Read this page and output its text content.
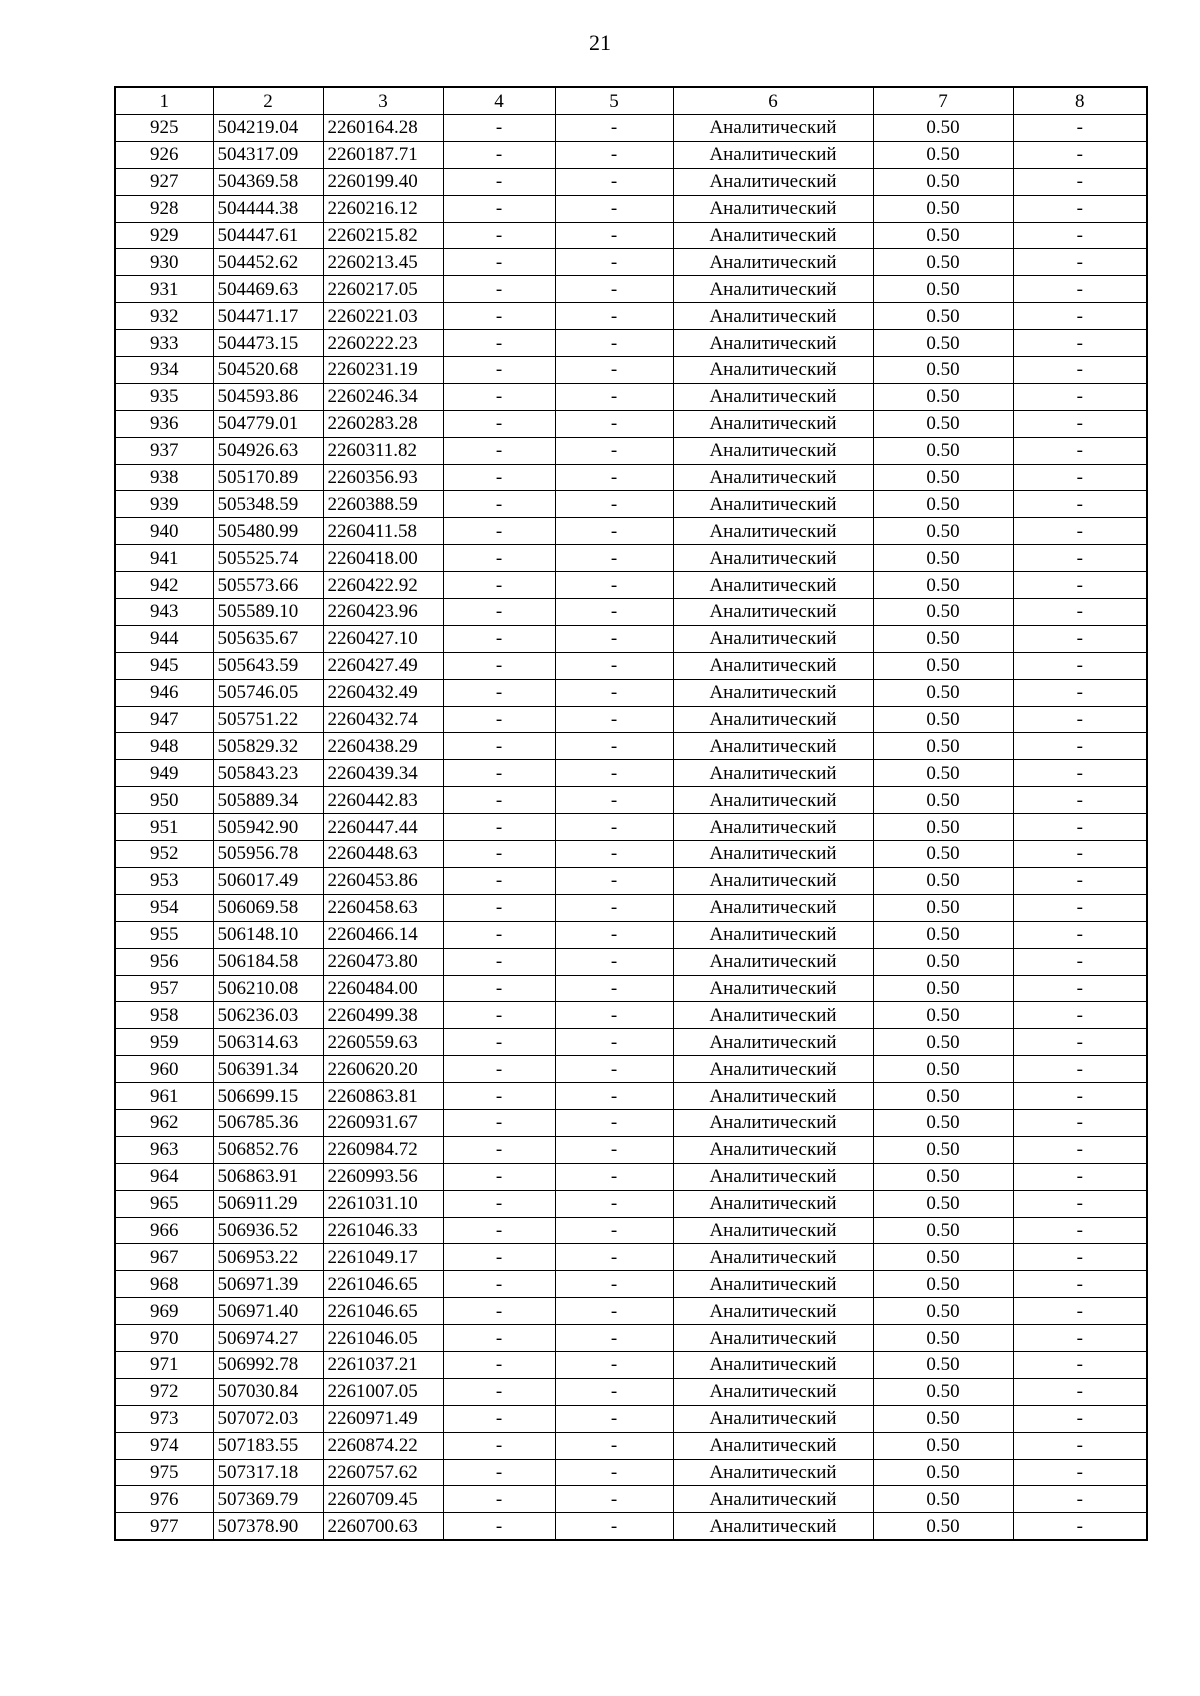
21
1	2	3	4	5	6	7	8
925	504219.04	2260164.28	-	-	Аналитический	0.50	-
926	504317.09	2260187.71	-	-	Аналитический	0.50	-
927	504369.58	2260199.40	-	-	Аналитический	0.50	-
928	504444.38	2260216.12	-	-	Аналитический	0.50	-
929	504447.61	2260215.82	-	-	Аналитический	0.50	-
930	504452.62	2260213.45	-	-	Аналитический	0.50	-
931	504469.63	2260217.05	-	-	Аналитический	0.50	-
932	504471.17	2260221.03	-	-	Аналитический	0.50	-
933	504473.15	2260222.23	-	-	Аналитический	0.50	-
934	504520.68	2260231.19	-	-	Аналитический	0.50	-
935	504593.86	2260246.34	-	-	Аналитический	0.50	-
936	504779.01	2260283.28	-	-	Аналитический	0.50	-
937	504926.63	2260311.82	-	-	Аналитический	0.50	-
938	505170.89	2260356.93	-	-	Аналитический	0.50	-
939	505348.59	2260388.59	-	-	Аналитический	0.50	-
940	505480.99	2260411.58	-	-	Аналитический	0.50	-
941	505525.74	2260418.00	-	-	Аналитический	0.50	-
942	505573.66	2260422.92	-	-	Аналитический	0.50	-
943	505589.10	2260423.96	-	-	Аналитический	0.50	-
944	505635.67	2260427.10	-	-	Аналитический	0.50	-
945	505643.59	2260427.49	-	-	Аналитический	0.50	-
946	505746.05	2260432.49	-	-	Аналитический	0.50	-
947	505751.22	2260432.74	-	-	Аналитический	0.50	-
948	505829.32	2260438.29	-	-	Аналитический	0.50	-
949	505843.23	2260439.34	-	-	Аналитический	0.50	-
950	505889.34	2260442.83	-	-	Аналитический	0.50	-
951	505942.90	2260447.44	-	-	Аналитический	0.50	-
952	505956.78	2260448.63	-	-	Аналитический	0.50	-
953	506017.49	2260453.86	-	-	Аналитический	0.50	-
954	506069.58	2260458.63	-	-	Аналитический	0.50	-
955	506148.10	2260466.14	-	-	Аналитический	0.50	-
956	506184.58	2260473.80	-	-	Аналитический	0.50	-
957	506210.08	2260484.00	-	-	Аналитический	0.50	-
958	506236.03	2260499.38	-	-	Аналитический	0.50	-
959	506314.63	2260559.63	-	-	Аналитический	0.50	-
960	506391.34	2260620.20	-	-	Аналитический	0.50	-
961	506699.15	2260863.81	-	-	Аналитический	0.50	-
962	506785.36	2260931.67	-	-	Аналитический	0.50	-
963	506852.76	2260984.72	-	-	Аналитический	0.50	-
964	506863.91	2260993.56	-	-	Аналитический	0.50	-
965	506911.29	2261031.10	-	-	Аналитический	0.50	-
966	506936.52	2261046.33	-	-	Аналитический	0.50	-
967	506953.22	2261049.17	-	-	Аналитический	0.50	-
968	506971.39	2261046.65	-	-	Аналитический	0.50	-
969	506971.40	2261046.65	-	-	Аналитический	0.50	-
970	506974.27	2261046.05	-	-	Аналитический	0.50	-
971	506992.78	2261037.21	-	-	Аналитический	0.50	-
972	507030.84	2261007.05	-	-	Аналитический	0.50	-
973	507072.03	2260971.49	-	-	Аналитический	0.50	-
974	507183.55	2260874.22	-	-	Аналитический	0.50	-
975	507317.18	2260757.62	-	-	Аналитический	0.50	-
976	507369.79	2260709.45	-	-	Аналитический	0.50	-
977	507378.90	2260700.63	-	-	Аналитический	0.50	-
